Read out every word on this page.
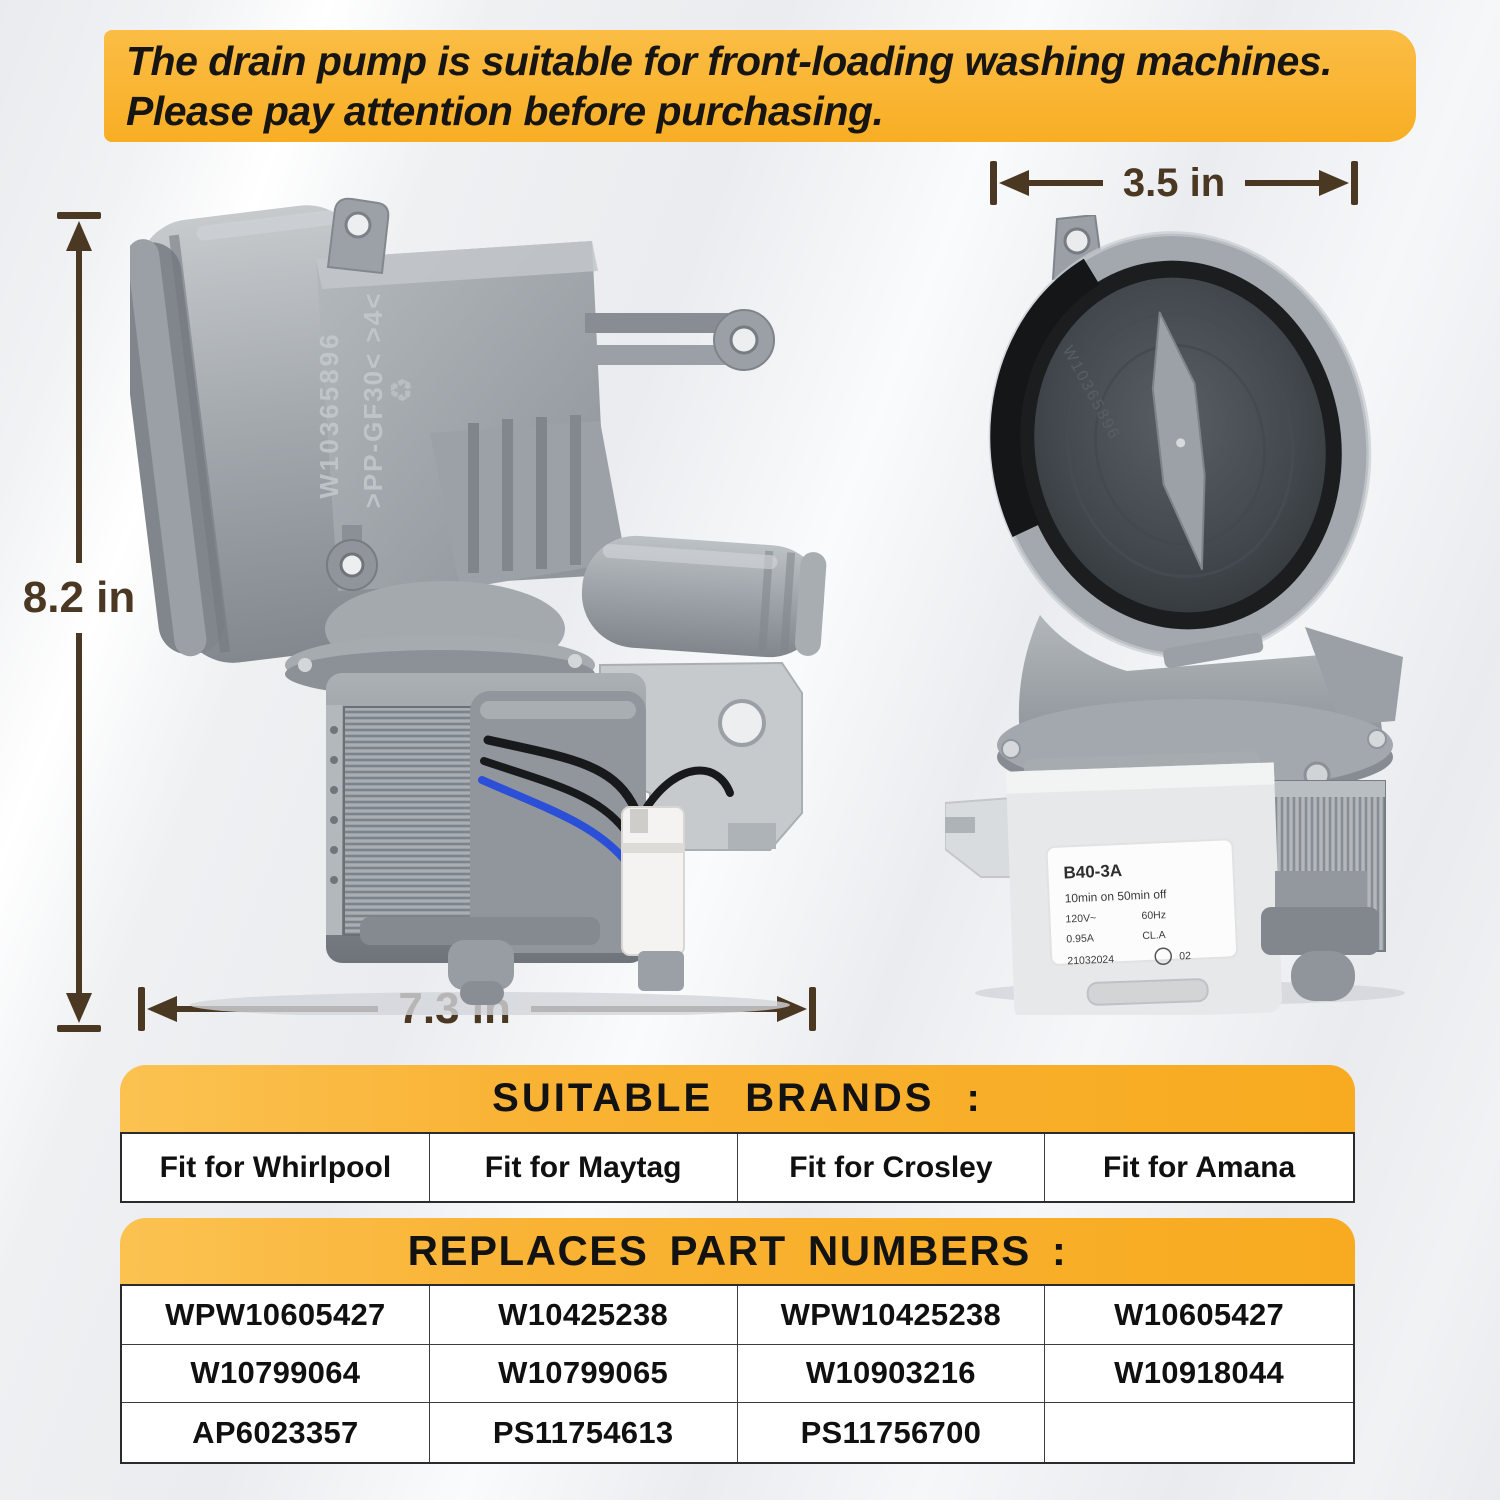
The drain pump is suitable for front-loading washing machines.
Please pay attention before purchasing.
8.2 in
3.5 in
W10365896 >PP-GF30< >4<
♻	W10365896
B40-3A
10min on 50min off
120V~	60Hz
0.95A	CL.A
21032024	02
SUITABLE BRANDS :
Fit for Whirlpool	Fit for Maytag	Fit for Crosley	Fit for Amana
REPLACES PART NUMBERS :
WPW10605427	W10425238	WPW10425238	W10605427
W10799064	W10799065	W10903216	W10918044
AP6023357	PS11754613	PS11756700
